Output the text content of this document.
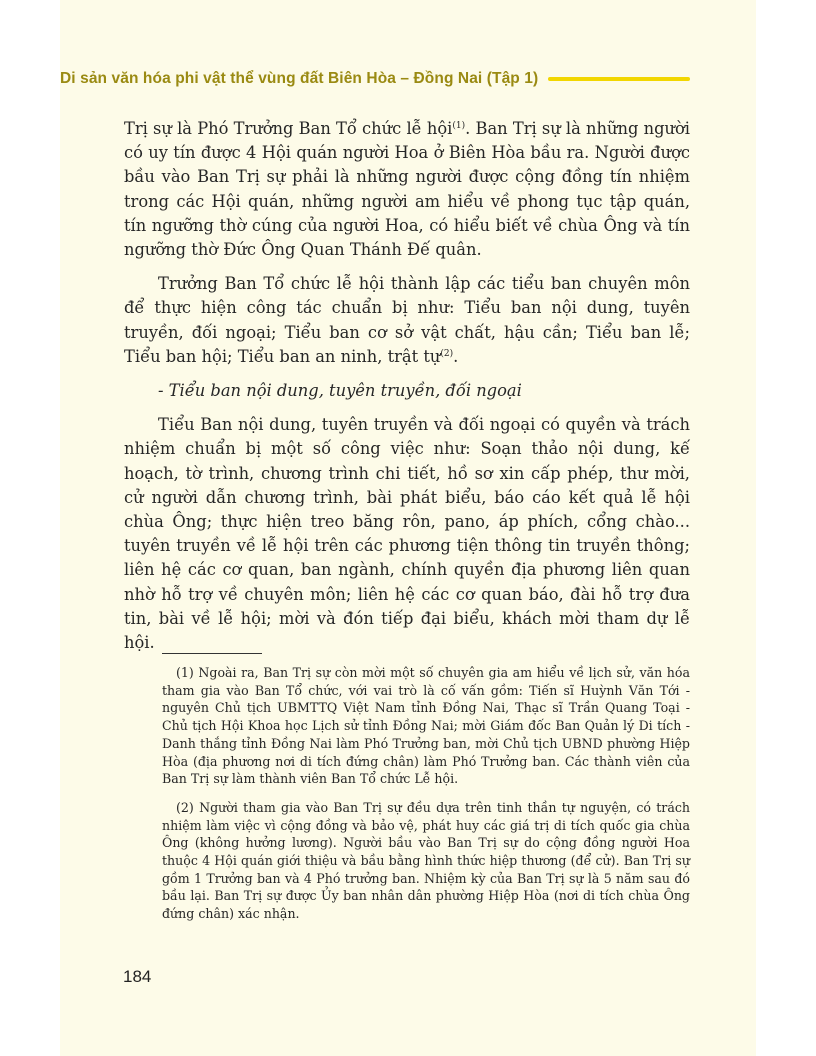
Di sản văn hóa phi vật thể vùng đất Biên Hòa – Đồng Nai (Tập 1)

Trị sự là Phó Trưởng Ban Tổ chức lễ hội$^{(1)}$. Ban Trị sự là những người có uy tín được 4 Hội quán người Hoa ở Biên Hòa bầu ra. Người được bầu vào Ban Trị sự phải là những người được cộng đồng tín nhiệm trong các Hội quán, những người am hiểu về phong tục tập quán, tín ngưỡng thờ cúng của người Hoa, có hiểu biết về chùa Ông và tín ngưỡng thờ Đức Ông Quan Thánh Đế quân.

Trưởng Ban Tổ chức lễ hội thành lập các tiểu ban chuyên môn để thực hiện công tác chuẩn bị như: Tiểu ban nội dung, tuyên truyền, đối ngoại; Tiểu ban cơ sở vật chất, hậu cần; Tiểu ban lễ; Tiểu ban hội; Tiểu ban an ninh, trật tự$^{(2)}$.

- Tiểu ban nội dung, tuyên truyền, đối ngoại

Tiểu Ban nội dung, tuyên truyền và đối ngoại có quyền và trách nhiệm chuẩn bị một số công việc như: Soạn thảo nội dung, kế hoạch, tờ trình, chương trình chi tiết, hồ sơ xin cấp phép, thư mời, cử người dẫn chương trình, bài phát biểu, báo cáo kết quả lễ hội chùa Ông; thực hiện treo băng rôn, pano, áp phích, cổng chào... tuyên truyền về lễ hội trên các phương tiện thông tin truyền thông; liên hệ các cơ quan, ban ngành, chính quyền địa phương liên quan nhờ hỗ trợ về chuyên môn; liên hệ các cơ quan báo, đài hỗ trợ đưa tin, bài về lễ hội; mời và đón tiếp đại biểu, khách mời tham dự lễ hội.

(1) Ngoài ra, Ban Trị sự còn mời một số chuyên gia am hiểu về lịch sử, văn hóa tham gia vào Ban Tổ chức, với vai trò là cố vấn gồm: Tiến sĩ Huỳnh Văn Tới - nguyên Chủ tịch UBMTTQ Việt Nam tỉnh Đồng Nai, Thạc sĩ Trần Quang Toại - Chủ tịch Hội Khoa học Lịch sử tỉnh Đồng Nai; mời Giám đốc Ban Quản lý Di tích - Danh thắng tỉnh Đồng Nai làm Phó Trưởng ban, mời Chủ tịch UBND phường Hiệp Hòa (địa phương nơi di tích đứng chân) làm Phó Trưởng ban. Các thành viên của Ban Trị sự làm thành viên Ban Tổ chức Lễ hội.

(2) Người tham gia vào Ban Trị sự đều dựa trên tinh thần tự nguyện, có trách nhiệm làm việc vì cộng đồng và bảo vệ, phát huy các giá trị di tích quốc gia chùa Ông (không hưởng lương). Người bầu vào Ban Trị sự do cộng đồng người Hoa thuộc 4 Hội quán giới thiệu và bầu bằng hình thức hiệp thương (để cử). Ban Trị sự gồm 1 Trưởng ban và 4 Phó trưởng ban. Nhiệm kỳ của Ban Trị sự là 5 năm sau đó bầu lại. Ban Trị sự được Ủy ban nhân dân phường Hiệp Hòa (nơi di tích chùa Ông đứng chân) xác nhận.

184
